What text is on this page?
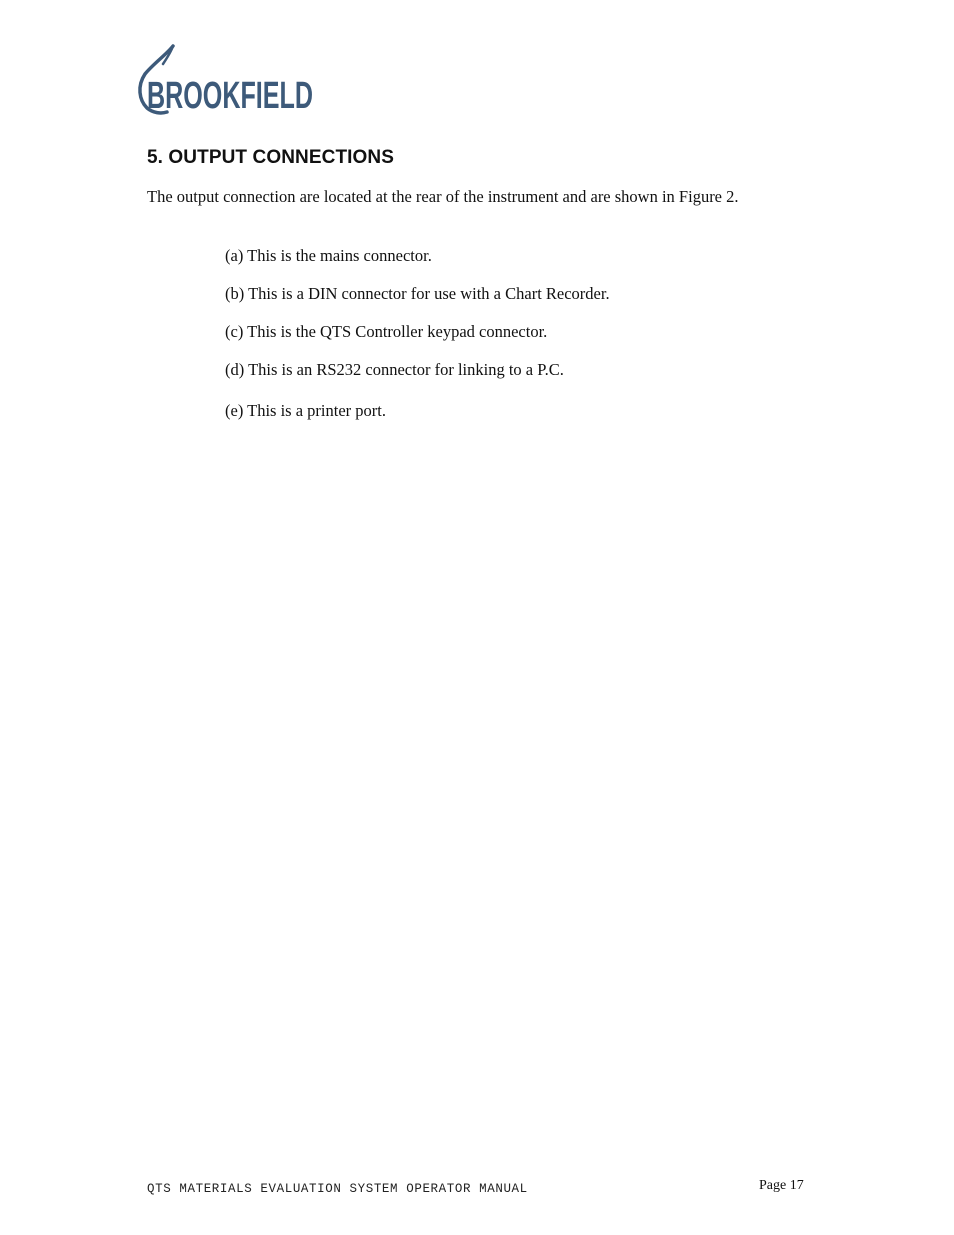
BROOKFIELD
5. OUTPUT CONNECTIONS

The output connection are located at the rear of the instrument and are shown in Figure 2.

(a) This is the mains connector.

(b) This is a DIN connector for use with a Chart Recorder.

(c) This is the QTS Controller keypad connector.

(d) This is an RS232 connector for linking to a P.C.

(e) This is a printer port.

QTS MATERIALS EVALUATION SYSTEM OPERATOR MANUAL	Page 17
